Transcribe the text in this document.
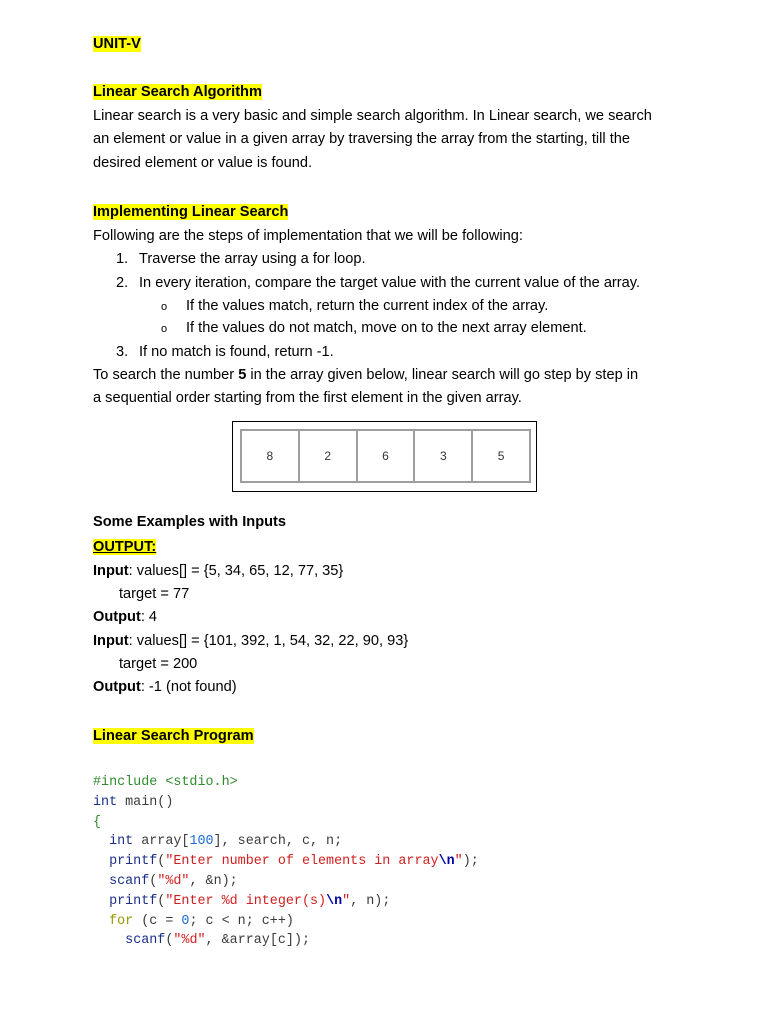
UNIT-V
Linear Search Algorithm
Linear search is a very basic and simple search algorithm. In Linear search, we search
an element or value in a given array by traversing the array from the starting, till the
desired element or value is found.
Implementing Linear Search
Following are the steps of implementation that we will be following:
1. Traverse the array using a for loop.
2. In every iteration, compare the target value with the current value of the array.
o If the values match, return the current index of the array.
o If the values do not match, move on to the next array element.
3. If no match is found, return -1.
To search the number 5 in the array given below, linear search will go step by step in
a sequential order starting from the first element in the given array.
Some Examples with Inputs
OUTPUT:
Input: values[] = {5, 34, 65, 12, 77, 35}
target = 77
Output: 4
Input: values[] = {101, 392, 1, 54, 32, 22, 90, 93}
target = 200
Output: -1 (not found)
Linear Search Program
8	2	6	3	5
#include <stdio.h>
int main()
{
int array[100], search, c, n;
printf("Enter number of elements in array\n");
scanf("%d", &n);
printf("Enter %d integer(s)\n", n);
for (c = 0; c < n; c++)
scanf("%d", &array[c]);
